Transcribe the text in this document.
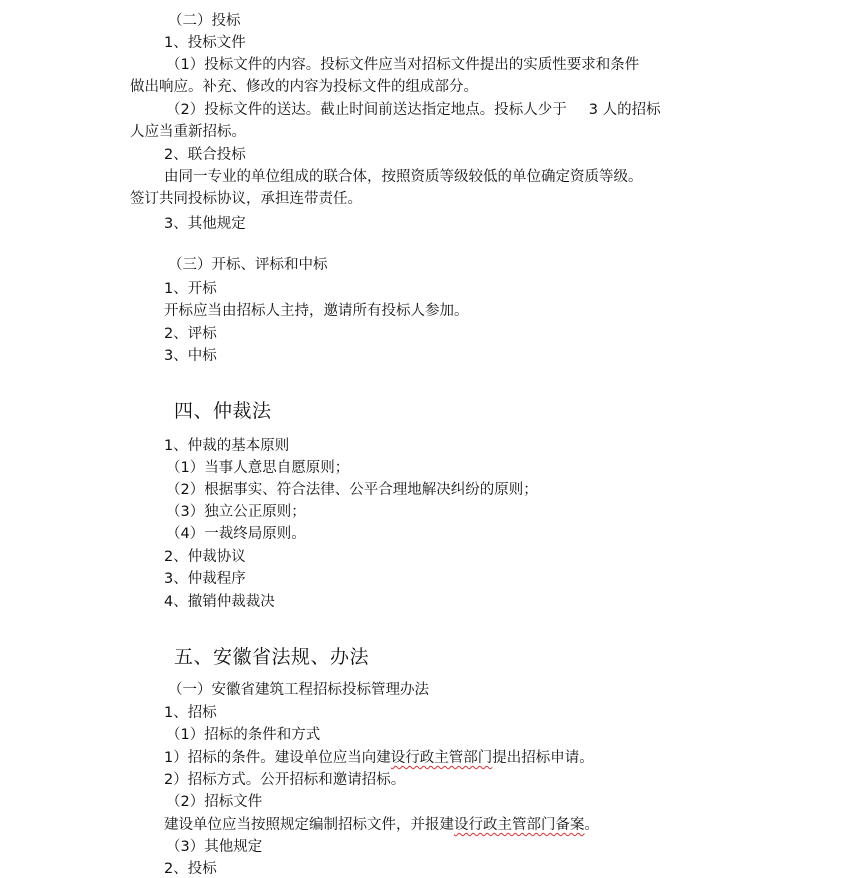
（二）投标
1、投标文件
（1）投标文件的内容。投标文件应当对招标文件提出的实质性要求和条件
做出响应。补充、修改的内容为投标文件的组成部分。
（2）投标文件的送达。截止时间前送达指定地点。投标人少于 3 人的招标
人应当重新招标。
2、联合投标
由同一专业的单位组成的联合体，按照资质等级较低的单位确定资质等级。
签订共同投标协议，承担连带责任。
3、其他规定
（三）开标、评标和中标
1、开标
开标应当由招标人主持，邀请所有投标人参加。
2、评标
3、中标
四、仲裁法
1、仲裁的基本原则
（1）当事人意思自愿原则；
（2）根据事实、符合法律、公平合理地解决纠纷的原则；
（3）独立公正原则；
（4）一裁终局原则。
2、仲裁协议
3、仲裁程序
4、撤销仲裁裁决
五、安徽省法规、办法
（一）安徽省建筑工程招标投标管理办法
1、招标
（1）招标的条件和方式
1）招标的条件。建设单位应当向建设行政主管部门提出招标申请。
2）招标方式。公开招标和邀请招标。
（2）招标文件
建设单位应当按照规定编制招标文件，并报建设行政主管部门备案。
（3）其他规定
2、投标
